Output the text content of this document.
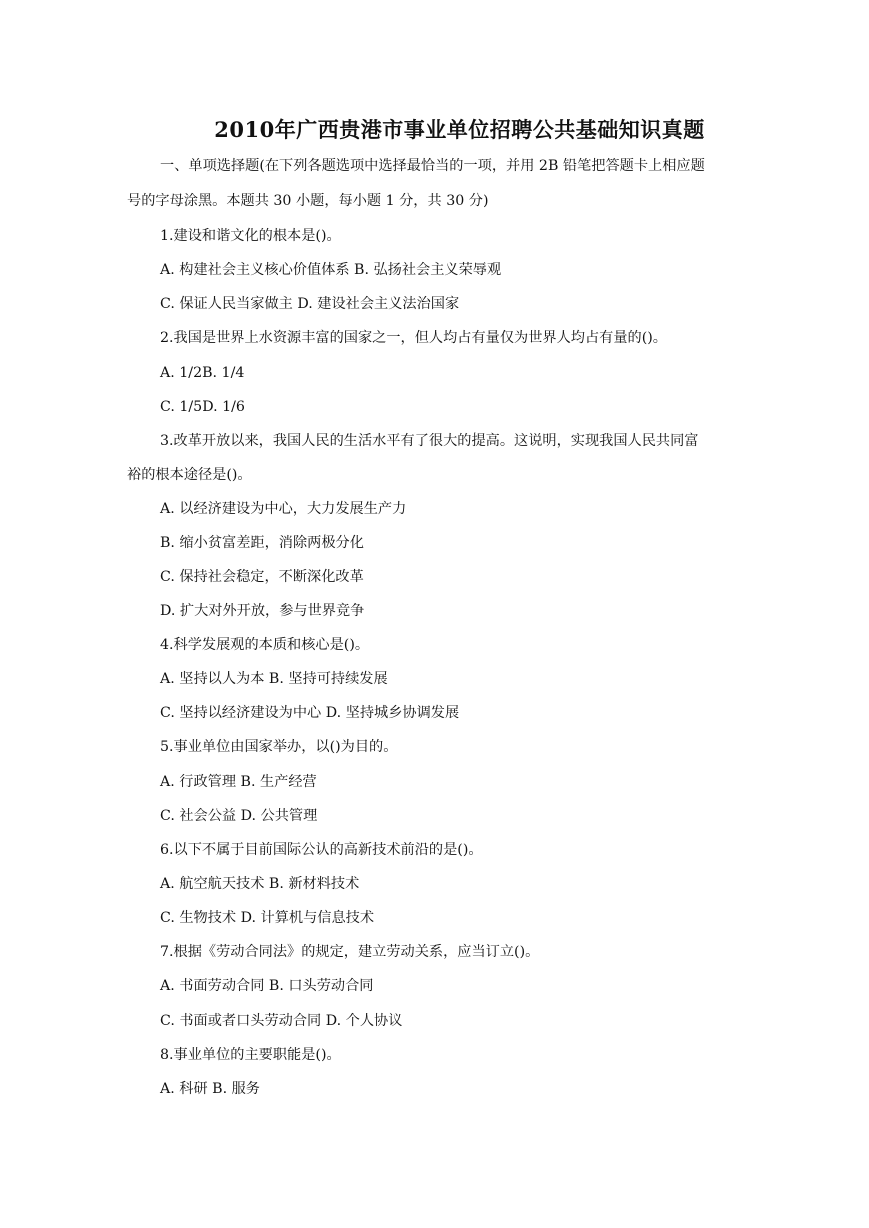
2010年广西贵港市事业单位招聘公共基础知识真题
一、单项选择题(在下列各题选项中选择最恰当的一项，并用 2B 铅笔把答题卡上相应题
号的字母涂黑。本题共 30 小题，每小题 1 分，共 30 分)
1.建设和谐文化的根本是()。
A. 构建社会主义核心价值体系 B. 弘扬社会主义荣辱观
C. 保证人民当家做主 D. 建设社会主义法治国家
2.我国是世界上水资源丰富的国家之一，但人均占有量仅为世界人均占有量的()。
A. 1/2B. 1/4
C. 1/5D. 1/6
3.改革开放以来，我国人民的生活水平有了很大的提高。这说明，实现我国人民共同富
裕的根本途径是()。
A. 以经济建设为中心，大力发展生产力
B. 缩小贫富差距，消除两极分化
C. 保持社会稳定，不断深化改革
D. 扩大对外开放，参与世界竞争
4.科学发展观的本质和核心是()。
A. 坚持以人为本 B. 坚持可持续发展
C. 坚持以经济建设为中心 D. 坚持城乡协调发展
5.事业单位由国家举办，以()为目的。
A. 行政管理 B. 生产经营
C. 社会公益 D. 公共管理
6.以下不属于目前国际公认的高新技术前沿的是()。
A. 航空航天技术 B. 新材料技术
C. 生物技术 D. 计算机与信息技术
7.根据《劳动合同法》的规定，建立劳动关系，应当订立()。
A. 书面劳动合同 B. 口头劳动合同
C. 书面或者口头劳动合同 D. 个人协议
8.事业单位的主要职能是()。
A. 科研 B. 服务
